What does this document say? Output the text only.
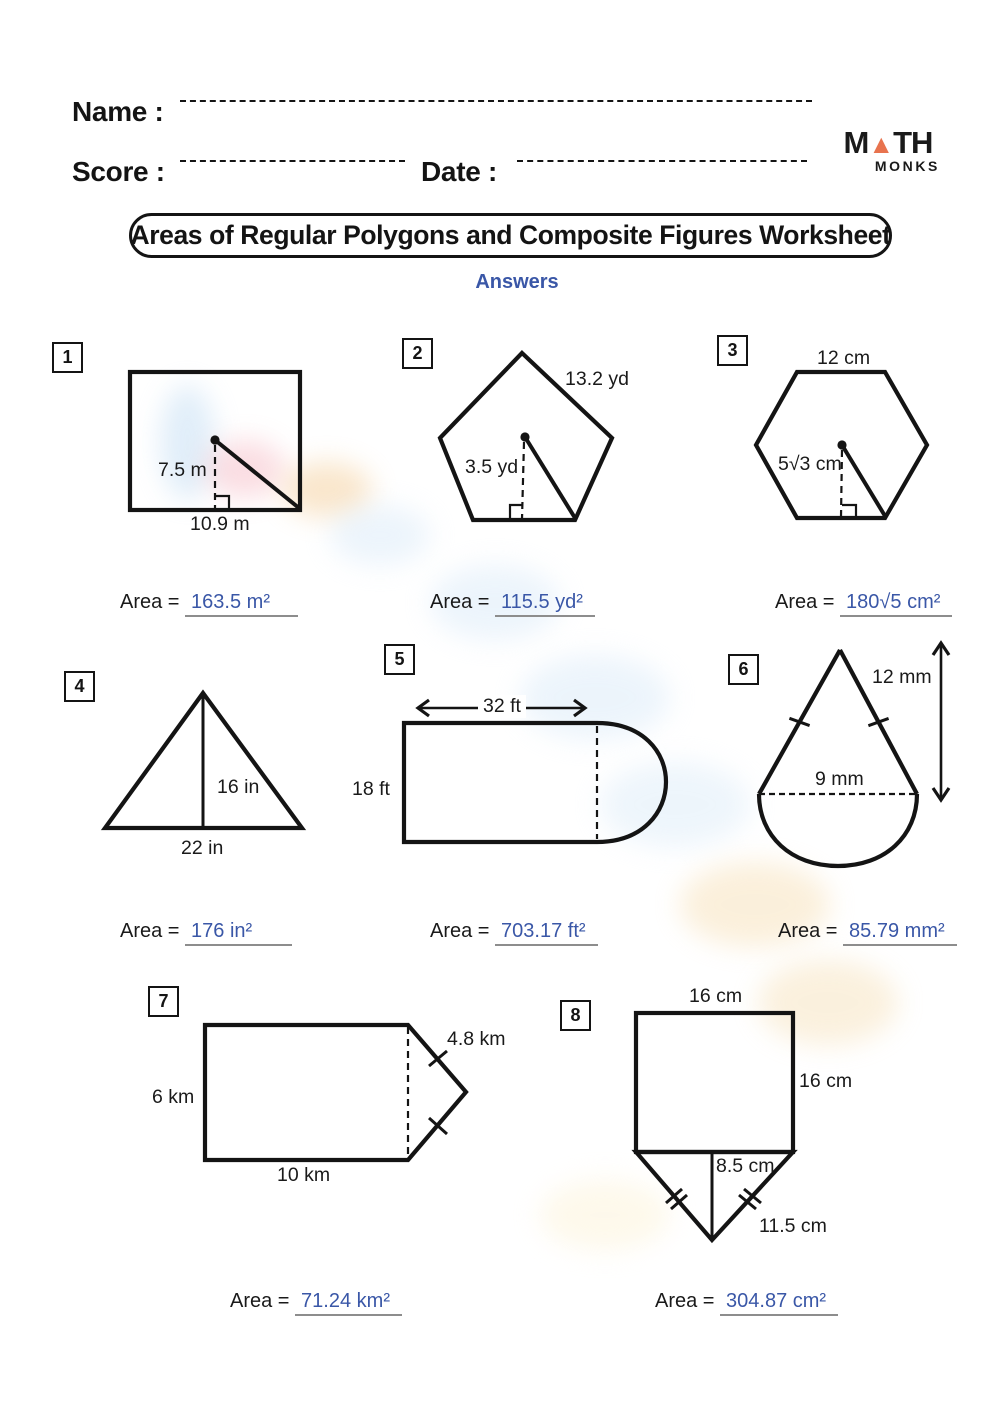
Name :
Score :	Date :
M▲TH
MONKS
Areas of Regular Polygons and Composite Figures Worksheet
Answers
1
7.5 m
10.9 m
Area = 163.5 m²
2
13.2 yd
3.5 yd
Area = 115.5 yd²
3	12 cm
5√3 cm
Area = 180√5 cm²
4
16 in
22 in
Area = 176 in²
5
32 ft
18 ft
Area = 703.17 ft²
6	12 mm
9 mm
Area = 85.79 mm²
7
4.8 km
6 km
10 km
Area = 71.24 km²
8
16 cm
16 cm
8.5 cm
11.5 cm
Area = 304.87 cm²
